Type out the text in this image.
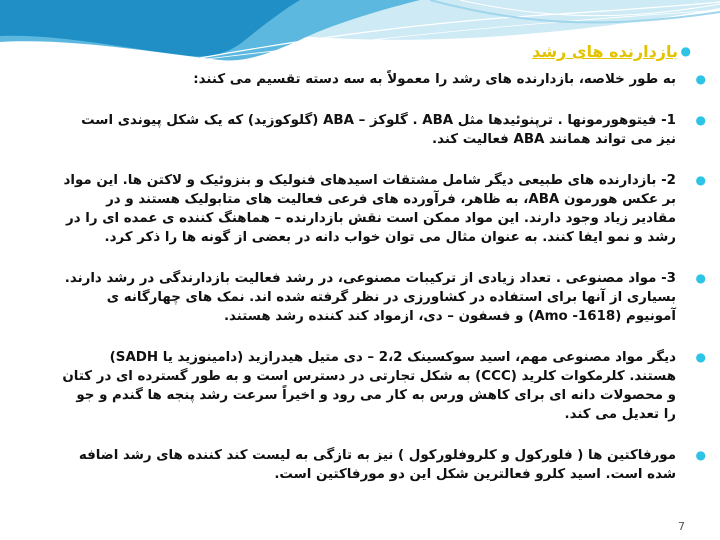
●
بازدارنده های رشد

●
به طور خلاصه، بازدارنده های رشد را معمولاً به سه دسته تقسیم می کنند:

●
1- فیتوهورمونها . ترپنوئیدها مثل ABA . گلوکز – ABA (گلوکوزید) که یک شکل پیوندی است نیز می تواند همانند ABA فعالیت کند.

●
2- بازدارنده های طبیعی دیگر شامل مشتقات اسیدهای فنولیک و بنزوئیک و لاکتن ها. این مواد بر عکس هورمون ABA، به ظاهر، فرآورده های فرعی فعالیت های متابولیک هستند و در مقادیر زیاد وجود دارند. این مواد ممکن است نقش بازدارنده – هماهنگ کننده ی عمده ای را در رشد و نمو ایفا کنند. به عنوان مثال می توان خواب دانه در بعضی از گونه ها را ذکر کرد.

●
3- مواد مصنوعی . تعداد زیادی از ترکیبات مصنوعی، در رشد فعالیت بازدارندگی در رشد دارند. بسیاری از آنها برای استفاده در کشاورزی در نظر گرفته شده اند. نمک های چهارگانه ی آمونیوم (Amo -1618) و فسفون – دی، ازمواد کند کننده رشد هستند.

●
دیگر مواد مصنوعی مهم، اسید سوکسینک 2،2 – دی متیل هیدرازید (دامینوزید یا SADH) هستند. کلرمکوات کلرید (CCC) به شکل تجارتی در دسترس است و به طور گسترده ای در کتان و محصولات دانه ای برای کاهش ورس به کار می رود و اخیراً سرعت رشد پنجه ها گندم و جو را تعدیل می کند.

●
مورفاکتین ها ( فلورکول و کلروفلورکول ) نیز به تازگی به لیست کند کننده های رشد اضافه شده است. اسید کلرو فعالترین شکل این دو مورفاکتین است.

7
